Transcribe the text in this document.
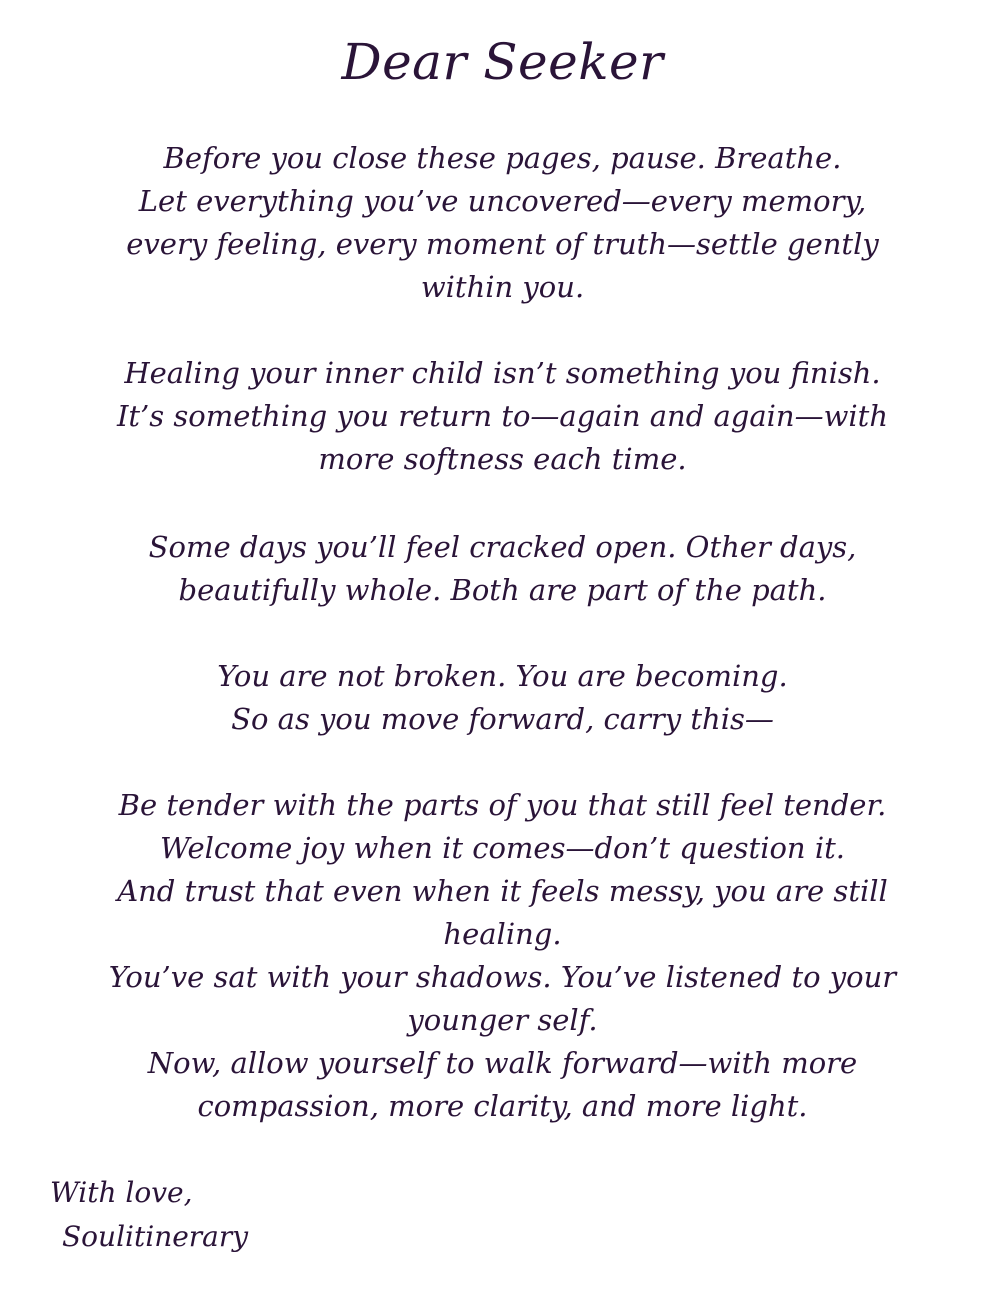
Dear Seeker
Before you close these pages, pause. Breathe.
Let everything you’ve uncovered—every memory,
every feeling, every moment of truth—settle gently
within you.
Healing your inner child isn’t something you finish.
It’s something you return to—again and again—with
more softness each time.
Some days you’ll feel cracked open. Other days,
beautifully whole. Both are part of the path.
You are not broken. You are becoming.
So as you move forward, carry this—
Be tender with the parts of you that still feel tender.
Welcome joy when it comes—don’t question it.
And trust that even when it feels messy, you are still
healing.
You’ve sat with your shadows. You’ve listened to your
younger self.
Now, allow yourself to walk forward—with more
compassion, more clarity, and more light.
With love,
Soulitinerary
